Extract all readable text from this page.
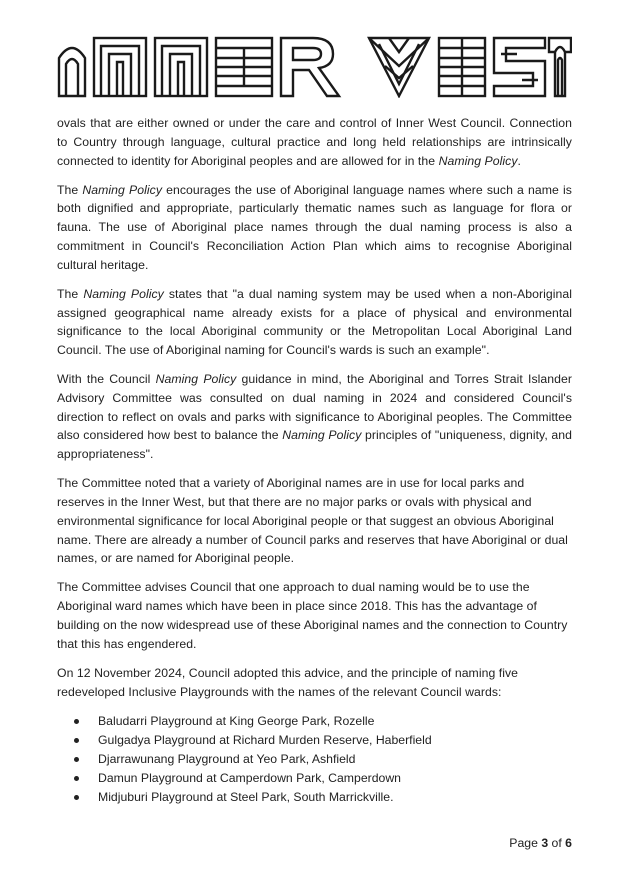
ovals that are either owned or under the care and control of Inner West Council. Connection to Country through language, cultural practice and long held relationships are intrinsically connected to identity for Aboriginal peoples and are allowed for in the Naming Policy.

The Naming Policy encourages the use of Aboriginal language names where such a name is both dignified and appropriate, particularly thematic names such as language for flora or fauna. The use of Aboriginal place names through the dual naming process is also a commitment in Council's Reconciliation Action Plan which aims to recognise Aboriginal cultural heritage.

The Naming Policy states that "a dual naming system may be used when a non-Aboriginal assigned geographical name already exists for a place of physical and environmental significance to the local Aboriginal community or the Metropolitan Local Aboriginal Land Council. The use of Aboriginal naming for Council's wards is such an example".

With the Council Naming Policy guidance in mind, the Aboriginal and Torres Strait Islander Advisory Committee was consulted on dual naming in 2024 and considered Council's direction to reflect on ovals and parks with significance to Aboriginal peoples. The Committee also considered how best to balance the Naming Policy principles of "uniqueness, dignity, and appropriateness".

The Committee noted that a variety of Aboriginal names are in use for local parks and reserves in the Inner West, but that there are no major parks or ovals with physical and environmental significance for local Aboriginal people or that suggest an obvious Aboriginal name. There are already a number of Council parks and reserves that have Aboriginal or dual names, or are named for Aboriginal people.

The Committee advises Council that one approach to dual naming would be to use the Aboriginal ward names which have been in place since 2018. This has the advantage of building on the now widespread use of these Aboriginal names and the connection to Country that this has engendered.

On 12 November 2024, Council adopted this advice, and the principle of naming five redeveloped Inclusive Playgrounds with the names of the relevant Council wards:

Baludarri Playground at King George Park, Rozelle
Gulgadya Playground at Richard Murden Reserve, Haberfield
Djarrawunang Playground at Yeo Park, Ashfield
Damun Playground at Camperdown Park, Camperdown
Midjuburi Playground at Steel Park, South Marrickville.
Page 3 of 6
